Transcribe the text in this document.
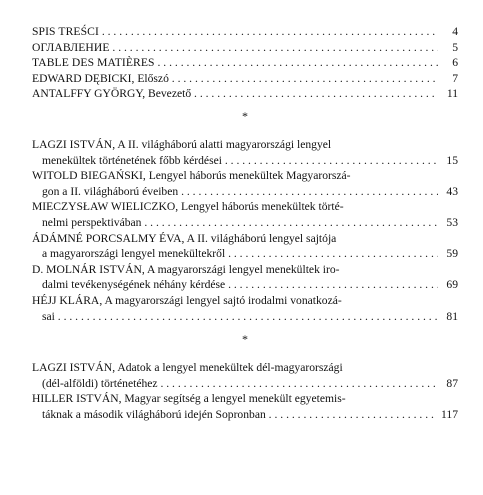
SPIS TREŚCI . . .	4
ОГЛАВЛЕНИЕ . . .	5
TABLE DES MATIÈRES . . .	6
EDWARD DĘBICKI, Előszó . . .	7
ANTALFFY GYÖRGY, Bevezető . . .	11
*
LAGZI ISTVÁN, A II. világháború alatti magyarországi lengyel
menekültek történetének főbb kérdései . . .	15
WITOLD BIEGAŃSKI, Lengyel háborús menekültek Magyarorszá-
gon a II. világháború éveiben . . .	43
MIECZYSŁAW WIELICZKO, Lengyel háborús menekültek törté-
nelmi perspektivában . . .	53
ÁDÁMNÉ PORCSALMY ÉVA, A II. világháború lengyel sajtója
a magyarországi lengyel menekültekről . . .	59
D. MOLNÁR ISTVÁN, A magyarországi lengyel menekültek iro-
dalmi tevékenységének néhány kérdése . . .	69
HÉJJ KLÁRA, A magyarországi lengyel sajtó irodalmi vonatkozá-
sai . . .	81
*
LAGZI ISTVÁN, Adatok a lengyel menekültek dél-magyarországi
(dél-alföldi) történetéhez . . .	87
HILLER ISTVÁN, Magyar segítség a lengyel menekült egyetemis-
táknak a második világháború idején Sopronban . . .	117
